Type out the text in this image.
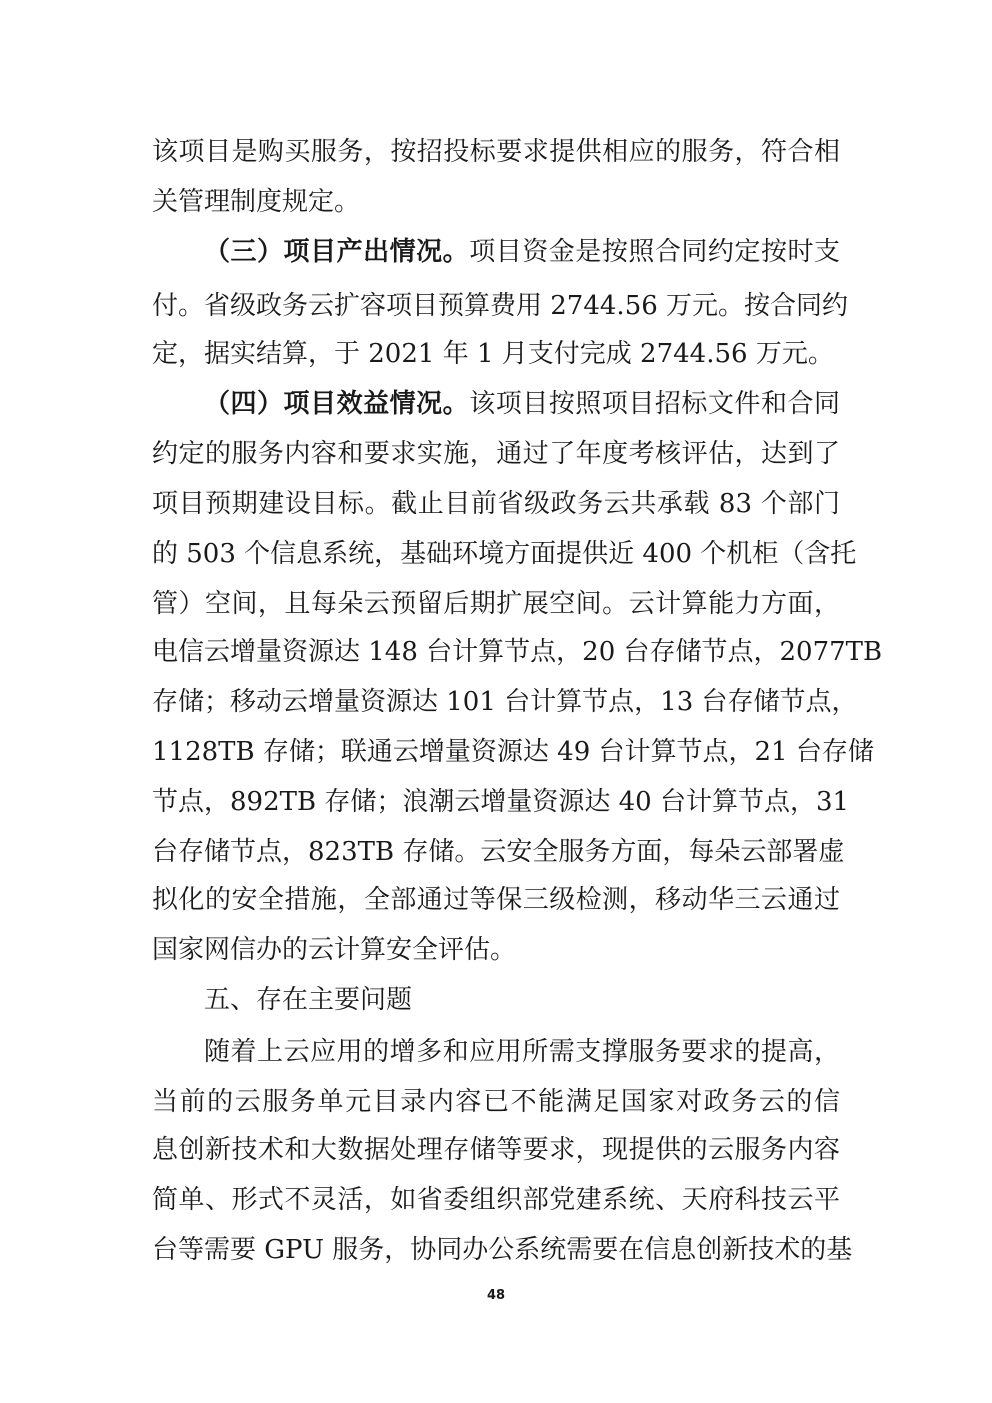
该项目是购买服务，按招投标要求提供相应的服务，符合相

关管理制度规定。

（三）项目产出情况。项目资金是按照合同约定按时支

付。省级政务云扩容项目预算费用 2744.56 万元。按合同约

定，据实结算，于 2021 年 1 月支付完成 2744.56 万元。

（四）项目效益情况。该项目按照项目招标文件和合同

约定的服务内容和要求实施，通过了年度考核评估，达到了

项目预期建设目标。截止目前省级政务云共承载 83 个部门

的 503 个信息系统，基础环境方面提供近 400 个机柜（含托

管）空间，且每朵云预留后期扩展空间。云计算能力方面，

电信云增量资源达 148 台计算节点，20 台存储节点，2077TB

存储；移动云增量资源达 101 台计算节点，13 台存储节点，

1128TB 存储；联通云增量资源达 49 台计算节点，21 台存储

节点，892TB 存储；浪潮云增量资源达 40 台计算节点，31

台存储节点，823TB 存储。云安全服务方面，每朵云部署虚

拟化的安全措施，全部通过等保三级检测，移动华三云通过

国家网信办的云计算安全评估。

五、存在主要问题

随着上云应用的增多和应用所需支撑服务要求的提高，

当前的云服务单元目录内容已不能满足国家对政务云的信

息创新技术和大数据处理存储等要求，现提供的云服务内容

简单、形式不灵活，如省委组织部党建系统、天府科技云平

台等需要 GPU 服务，协同办公系统需要在信息创新技术的基

48
